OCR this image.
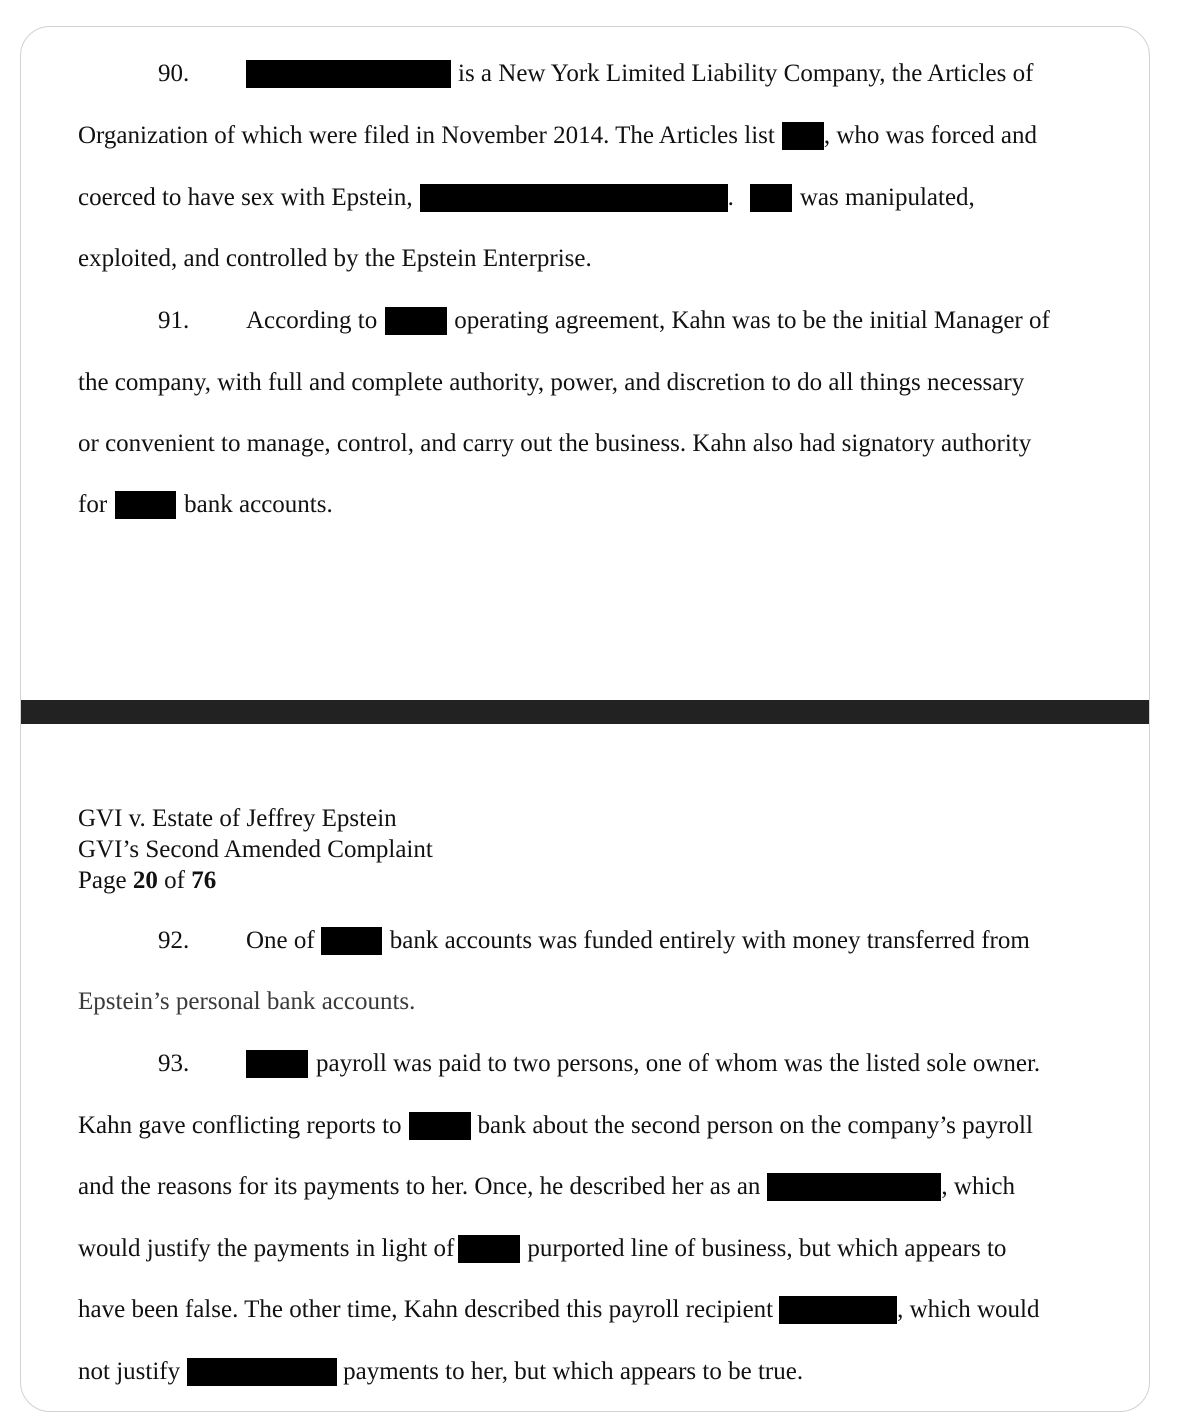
90.	is a New York Limited Liability Company, the Articles of
Organization of which were filed in November 2014. The Articles list , who was forced and
coerced to have sex with Epstein,	.	was manipulated,
exploited, and controlled by the Epstein Enterprise.
91. According to	operating agreement, Kahn was to be the initial Manager of
the company, with full and complete authority, power, and discretion to do all things necessary
or convenient to manage, control, and carry out the business. Kahn also had signatory authority
for	bank accounts.
GVI v. Estate of Jeffrey Epstein
GVI’s Second Amended Complaint
Page 20 of 76
92. One of	bank accounts was funded entirely with money transferred from
Epstein’s personal bank accounts.
93.	payroll was paid to two persons, one of whom was the listed sole owner.
Kahn gave conflicting reports to	bank about the second person on the company’s payroll
and the reasons for its payments to her. Once, he described her as an	, which
would justify the payments in light of	purported line of business, but which appears to
have been false. The other time, Kahn described this payroll recipient	, which would
not justify	payments to her, but which appears to be true.
